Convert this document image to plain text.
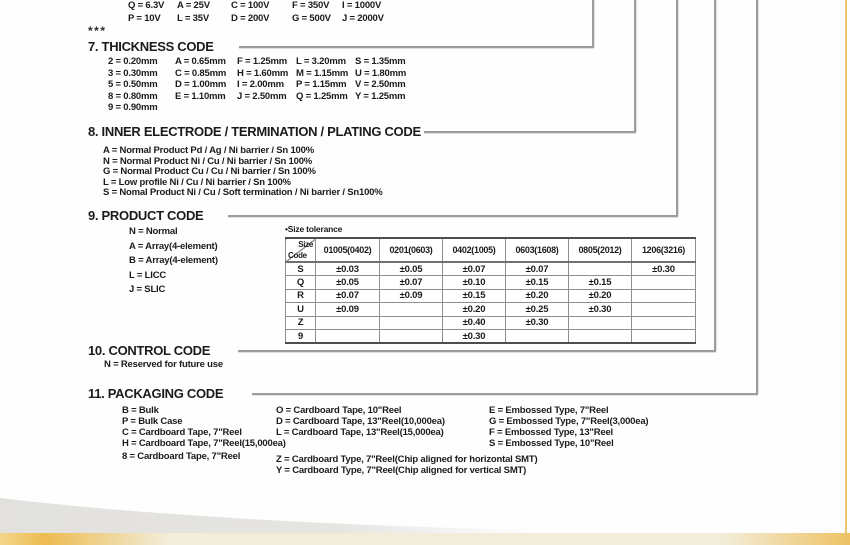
***
7. THICKNESS CODE
8. INNER ELECTRODE / TERMINATION / PLATING CODE
9. PRODUCT CODE
•Size tolerance
Size
Code	01005(0402)	0201(0603)	0402(1005)	0603(1608)	0805(2012)	1206(3216)
S	±0.03	±0.05	±0.07	±0.07		±0.30
Q	±0.05	±0.07	±0.10	±0.15	±0.15	
R	±0.07	±0.09	±0.15	±0.20	±0.20	
U	±0.09		±0.20	±0.25	±0.30	
Z			±0.40	±0.30		
9			±0.30			
10. CONTROL CODE
N = Reserved for future use
11. PACKAGING CODE
Q = 6.3V A = 25V C = 100V F = 350V I = 1000V
P = 10V L = 35V D = 200V G = 500V J = 2000V
2 = 0.20mm A = 0.65mm F = 1.25mm L = 3.20mm S = 1.35mm
3 = 0.30mm C = 0.85mm H = 1.60mm M = 1.15mm U = 1.80mm
5 = 0.50mm D = 1.00mm I = 2.00mm P = 1.15mm V = 2.50mm
8 = 0.80mm E = 1.10mm J = 2.50mm Q = 1.25mm Y = 1.25mm
9 = 0.90mm
A = Normal Product Pd / Ag / Ni barrier / Sn 100%
N = Normal Product Ni / Cu / Ni barrier / Sn 100%
G = Normal Product Cu / Cu / Ni barrier / Sn 100%
L = Low profile Ni / Cu / Ni barrier / Sn 100%
S = Nomal Product Ni / Cu / Soft termination / Ni barrier / Sn100%
N = Normal
A = Array(4-element)
B = Array(4-element)
L = LICC
J = SLIC
B = Bulk
P = Bulk Case
C = Cardboard Tape, 7"Reel
H = Cardboard Tape, 7"Reel(15,000ea)
8 = Cardboard Tape, 7"Reel
O = Cardboard Tape, 10"Reel
D = Cardboard Tape, 13"Reel(10,000ea)
L = Cardboard Tape, 13"Reel(15,000ea)
Z = Cardboard Type, 7"Reel(Chip aligned for horizontal SMT)
Y = Cardboard Type, 7"Reel(Chip aligned for vertical SMT)
E = Embossed Type, 7"Reel
G = Embossed Type, 7"Reel(3,000ea)
F = Embossed Type, 13"Reel
S = Embossed Type, 10"Reel
